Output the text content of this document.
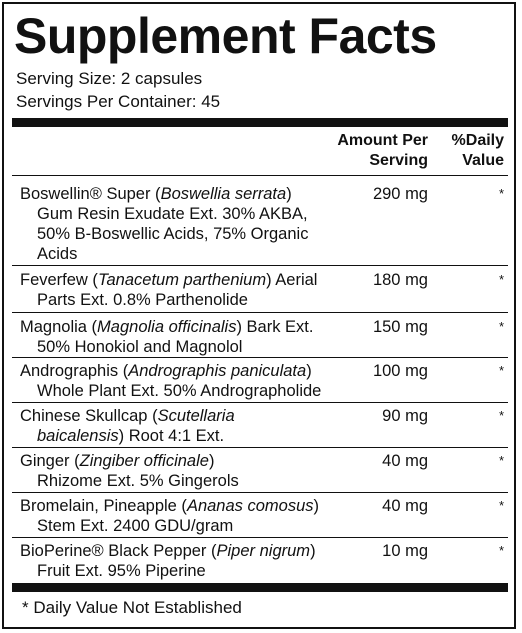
Supplement Facts
Serving Size: 2 capsules
Servings Per Container: 45
Amount Per
Serving
%Daily
Value
Boswellin® Super (Boswellia serrata)
Gum Resin Exudate Ext. 30% AKBA,
50% B-Boswellic Acids, 75% Organic
Acids
290 mg	*
Feverfew (Tanacetum parthenium) Aerial
Parts Ext. 0.8% Parthenolide
180 mg	*
Magnolia (Magnolia officinalis) Bark Ext.
50% Honokiol and Magnolol
150 mg	*
Andrographis (Andrographis paniculata)
Whole Plant Ext. 50% Andrographolide
100 mg	*
Chinese Skullcap (Scutellaria
baicalensis) Root 4:1 Ext.
90 mg	*
Ginger (Zingiber officinale)
Rhizome Ext. 5% Gingerols
40 mg	*
Bromelain, Pineapple (Ananas comosus)
Stem Ext. 2400 GDU/gram
40 mg	*
BioPerine® Black Pepper (Piper nigrum)
Fruit Ext. 95% Piperine
10 mg	*
* Daily Value Not Established
